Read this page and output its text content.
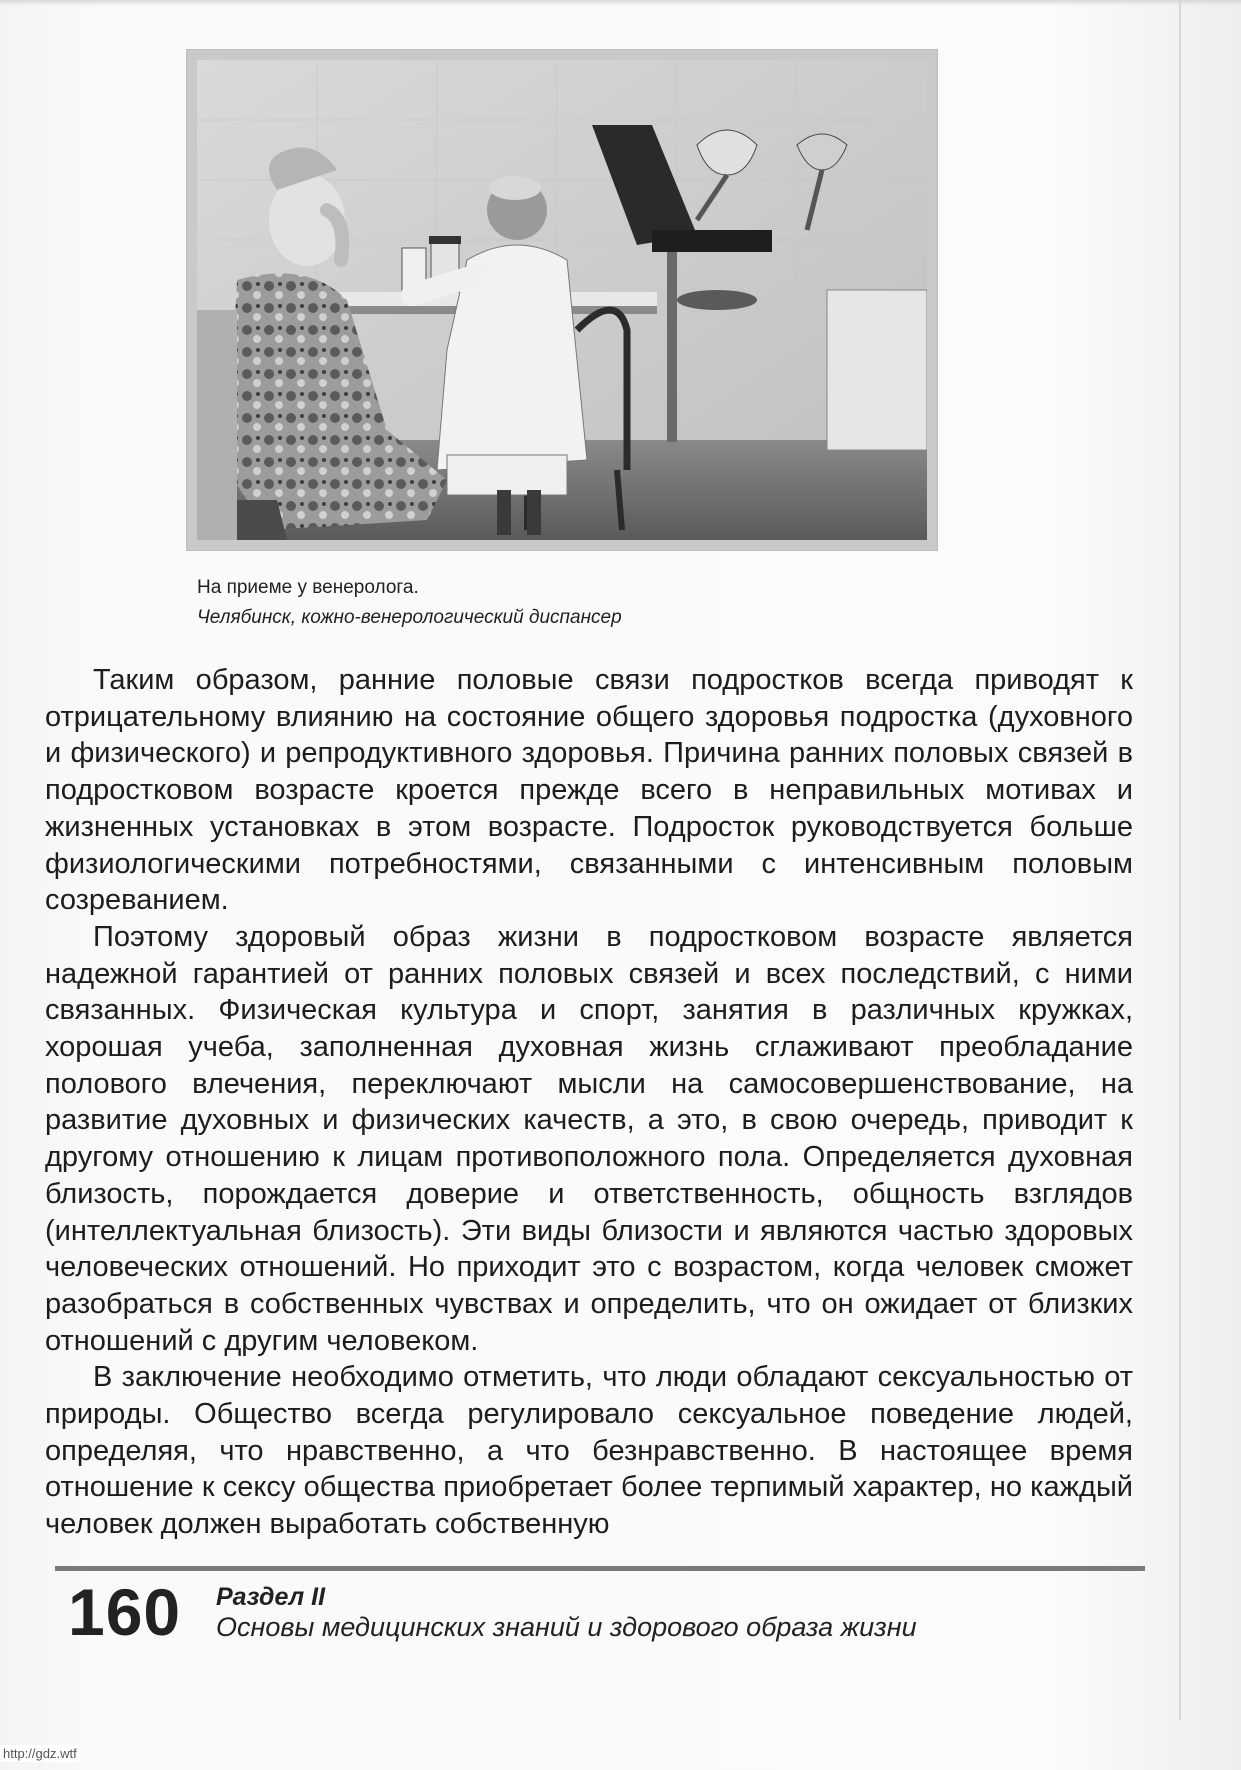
На приеме у венеролога.
Челябинск, кожно-венерологический диспансер

Таким образом, ранние половые связи подростков всегда приводят к отрицательному влиянию на состояние общего здоровья подростка (духовного и физического) и репродуктивного здоровья. Причина ранних половых связей в подростковом возрасте кроется прежде всего в неправильных мотивах и жизненных установках в этом возрасте. Подросток руководствуется больше физиологическими потребностями, связанными с интенсивным половым созреванием.

Поэтому здоровый образ жизни в подростковом возрасте является надежной гарантией от ранних половых связей и всех последствий, с ними связанных. Физическая культура и спорт, занятия в различных кружках, хорошая учеба, заполненная духовная жизнь сглаживают преобладание полового влечения, переключают мысли на самосовершенствование, на развитие духовных и физических качеств, а это, в свою очередь, приводит к другому отношению к лицам противоположного пола. Определяется духовная близость, порождается доверие и ответственность, общность взглядов (интеллектуальная близость). Эти виды близости и являются частью здоровых человеческих отношений. Но приходит это с возрастом, когда человек сможет разобраться в собственных чувствах и определить, что он ожидает от близких отношений с другим человеком.

В заключение необходимо отметить, что люди обладают сексуальностью от природы. Общество всегда регулировало сексуальное поведение людей, определяя, что нравственно, а что безнравственно. В настоящее время отношение к сексу общества приобретает более терпимый характер, но каждый человек должен выработать собственную

160 Раздел II
Основы медицинских знаний и здорового образа жизни
http://gdz.wtf
